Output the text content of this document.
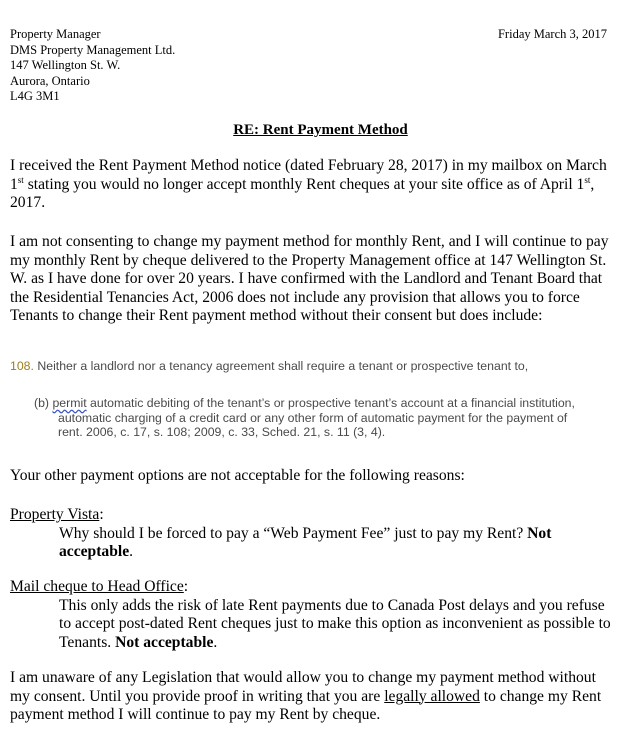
Property Manager
DMS Property Management Ltd.
147 Wellington St. W.
Aurora, Ontario
L4G 3M1
Friday March 3, 2017
RE: Rent Payment Method
I received the Rent Payment Method notice (dated February 28, 2017) in my mailbox on March
1st stating you would no longer accept monthly Rent cheques at your site office as of April 1st,
2017.
I am not consenting to change my payment method for monthly Rent, and I will continue to pay
my monthly Rent by cheque delivered to the Property Management office at 147 Wellington St.
W. as I have done for over 20 years. I have confirmed with the Landlord and Tenant Board that
the Residential Tenancies Act, 2006 does not include any provision that allows you to force
Tenants to change their Rent payment method without their consent but does include:
108. Neither a landlord nor a tenancy agreement shall require a tenant or prospective tenant to,
(b) permit automatic debiting of the tenant’s or prospective tenant’s account at a financial institution,
automatic charging of a credit card or any other form of automatic payment for the payment of
rent. 2006, c. 17, s. 108; 2009, c. 33, Sched. 21, s. 11 (3, 4).
Your other payment options are not acceptable for the following reasons:
Property Vista:
Why should I be forced to pay a “Web Payment Fee” just to pay my Rent? Not
acceptable.
Mail cheque to Head Office:
This only adds the risk of late Rent payments due to Canada Post delays and you refuse
to accept post-dated Rent cheques just to make this option as inconvenient as possible to
Tenants. Not acceptable.
I am unaware of any Legislation that would allow you to change my payment method without
my consent. Until you provide proof in writing that you are legally allowed to change my Rent
payment method I will continue to pay my Rent by cheque.
